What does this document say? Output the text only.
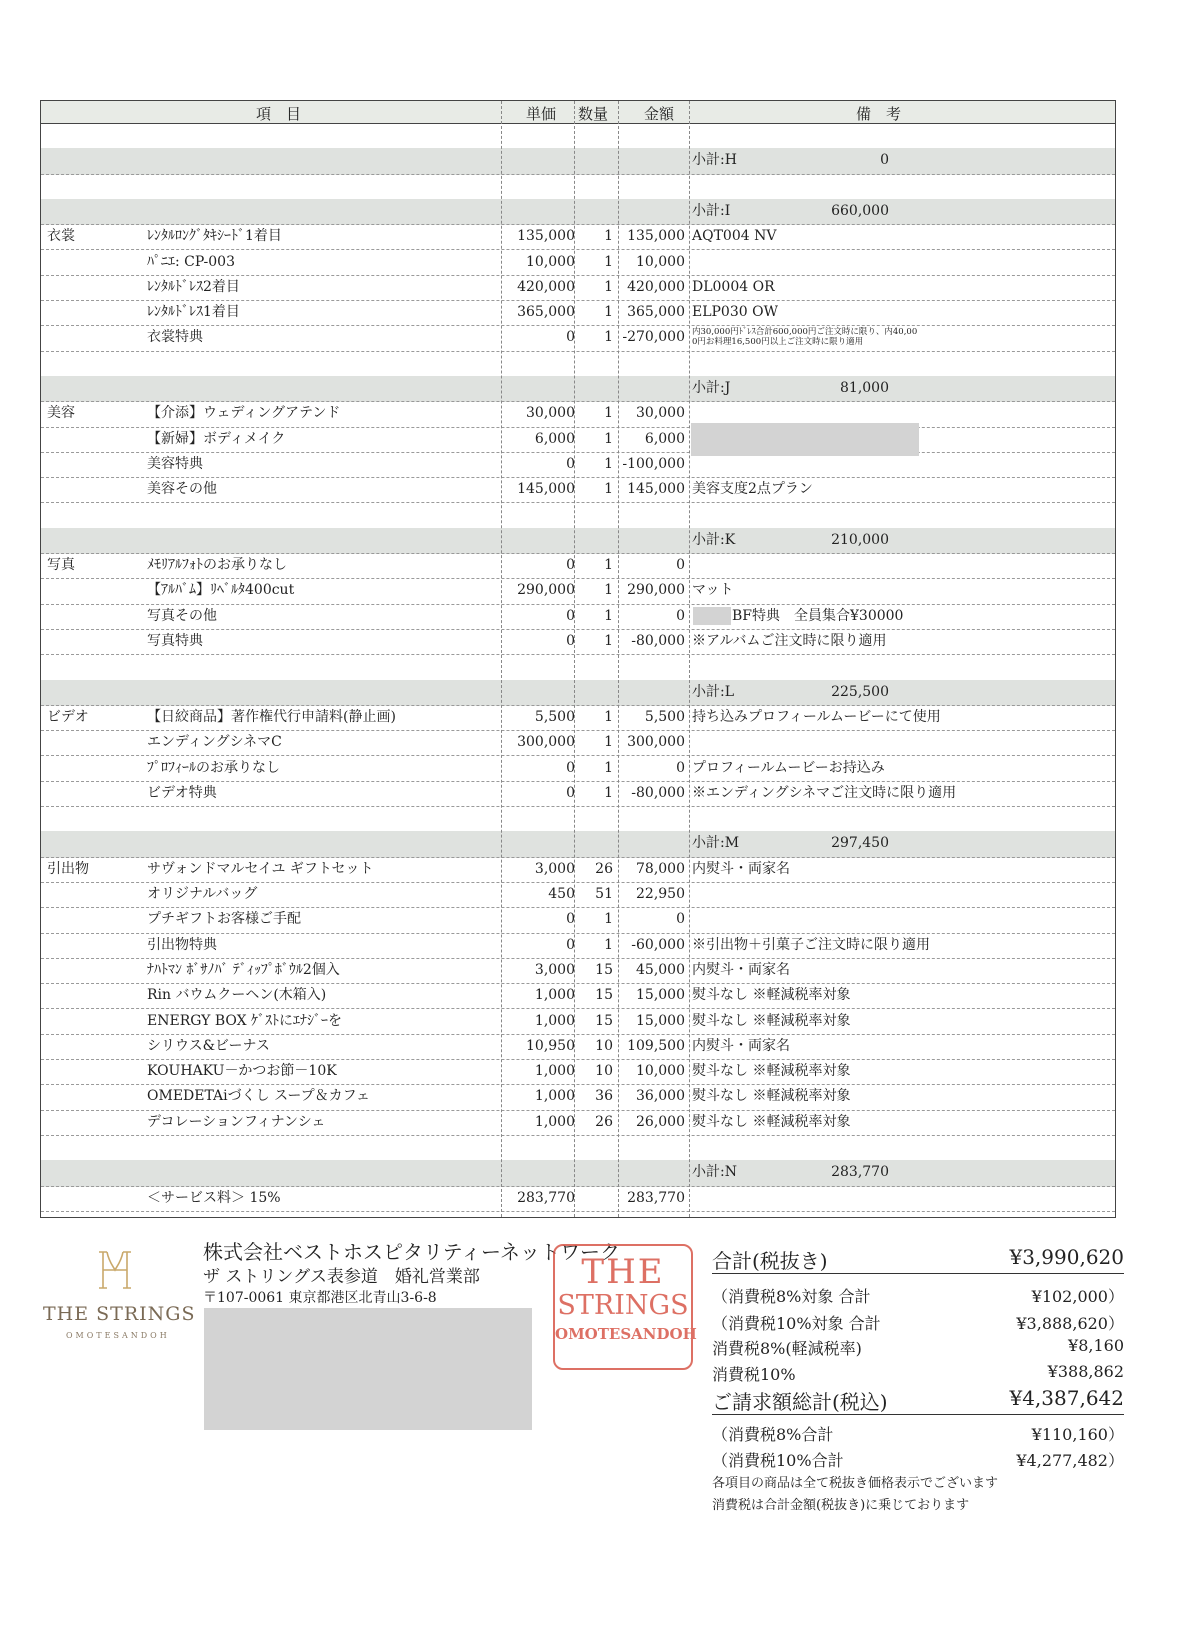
項　目	単価 数量 金額	備　考
小計:H	0
小計:I	660,000
衣裳	ﾚﾝﾀﾙﾛﾝｸﾞﾀｷｼｰﾄﾞ1着目	135,000 1 135,000 AQT004 NV
ﾊﾟﾆｴ: CP-003	10,000 1 10,000
ﾚﾝﾀﾙﾄﾞﾚｽ2着目	420,000 1 420,000 DL0004 OR
ﾚﾝﾀﾙﾄﾞﾚｽ1着目	365,000 1 365,000 ELP030 OW
衣裳特典	0 1 -270,000 内30,000円ﾄﾞﾚｽ合計600,000円ご注文時に限り、内40,00
0円お料理16,500円以上ご注文時に限り適用
小計:J	81,000
美容	【介添】ウェディングアテンド	30,000 1 30,000
【新婦】ボディメイク	6,000 1 6,000
美容特典	0 1 -100,000
美容その他	145,000 1 145,000 美容支度2点プラン
小計:K	210,000
写真	ﾒﾓﾘｱﾙﾌｫﾄのお承りなし	0 1	0
【ｱﾙﾊﾞﾑ】ﾘﾍﾞﾙﾀ400cut	290,000 1 290,000 マット
写真その他	0 1	0	BF特典　全員集合¥30000
写真特典	0 1 -80,000 ※アルバムご注文時に限り適用
小計:L	225,500
ビデオ	【日絞商品】著作権代行申請料(静止画)	5,500 1 5,500 持ち込みプロフィールムービーにて使用
エンディングシネマC	300,000 1 300,000
ﾌﾟﾛﾌｨｰﾙのお承りなし	0 1	0 プロフィールムービーお持込み
ビデオ特典	0 1 -80,000 ※エンディングシネマご注文時に限り適用
小計:M	297,450
引出物	サヴォンドマルセイユ ギフトセット	3,000 26 78,000 内熨斗・両家名
オリジナルバッグ	450 51 22,950
プチギフトお客様ご手配	0 1	0
引出物特典	0 1 -60,000 ※引出物＋引菓子ご注文時に限り適用
ﾅﾊﾄﾏﾝ ﾎﾞｻﾉﾊﾞ ﾃﾞｨｯﾌﾟﾎﾞｳﾙ2個入	3,000 15 45,000 内熨斗・両家名
Rin バウムクーヘン(木箱入)	1,000 15 15,000 熨斗なし ※軽減税率対象
ENERGY BOX ｹﾞｽﾄにｴﾅｼﾞｰを	1,000 15 15,000 熨斗なし ※軽減税率対象
シリウス&ビーナス	10,950 10 109,500 内熨斗・両家名
KOUHAKU－かつお節－10K	1,000 10 10,000 熨斗なし ※軽減税率対象
OMEDETAiづくし スープ＆カフェ	1,000 36 36,000 熨斗なし ※軽減税率対象
デコレーションフィナンシェ	1,000 26 26,000 熨斗なし ※軽減税率対象
小計:N	283,770
＜サービス料＞ 15%	283,770	283,770
THE STRINGS
OMOTESANDOH
株式会社ベストホスピタリティーネットワーク
ザ ストリングス表参道　婚礼営業部
〒107-0061 東京都港区北青山3-6-8
THE
STRINGS
OMOTESANDOH
合計(税抜き)	¥3,990,620
（消費税8%対象 合計	¥102,000）
（消費税10%対象 合計	¥3,888,620）
消費税8%(軽減税率)	¥8,160
消費税10%	¥388,862
ご請求額総計(税込)	¥4,387,642
（消費税8%合計	¥110,160）
（消費税10%合計	¥4,277,482）
各項目の商品は全て税抜き価格表示でございます
消費税は合計金額(税抜き)に乗じております
